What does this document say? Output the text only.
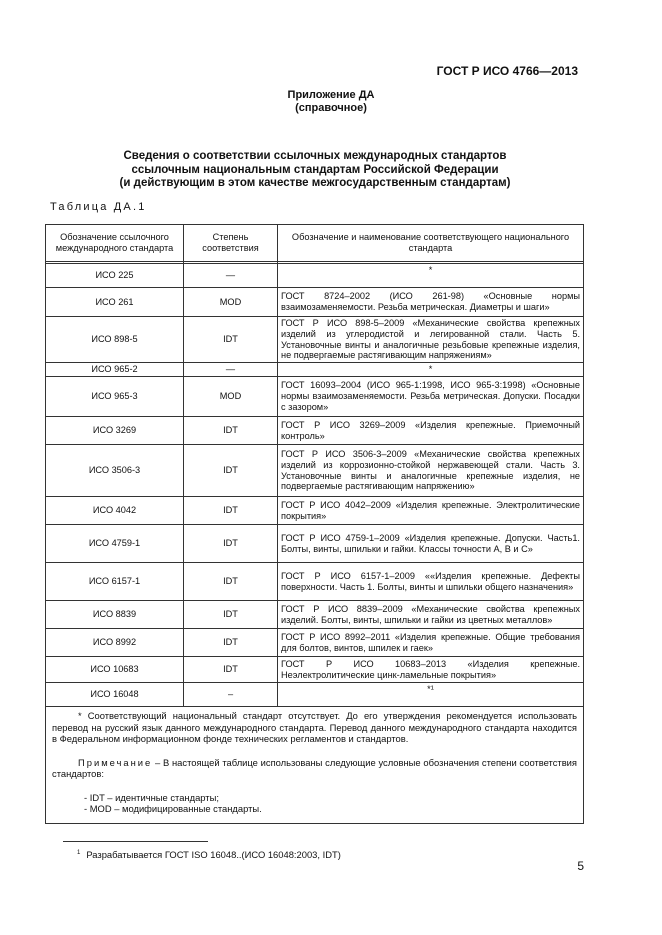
ГОСТ Р ИСО 4766—2013
Приложение ДА
(справочное)
Сведения о соответствии ссылочных международных стандартов
ссылочным национальным стандартам Российской Федерации
(и действующим в этом качестве межгосударственным стандартам)
Таблица ДА.1
Обозначение ссылочного международного стандарта	Степень соответствия	Обозначение и наименование соответствующего национального стандарта

ИСО 225	—	*
ИСО 261	MOD	ГОСТ 8724–2002 (ИСО 261-98) «Основные нормы взаимозаменяемости. Резьба метрическая. Диаметры и шаги»
ИСО 898-5	IDT	ГОСТ Р ИСО 898-5–2009 «Механические свойства крепежных изделий из углеродистой и легированной стали. Часть 5. Установочные винты и аналогичные резьбовые крепежные изделия, не подвергаемые растягивающим напряжениям»
ИСО 965-2	—	*
ИСО 965-3	MOD	ГОСТ 16093–2004 (ИСО 965-1:1998, ИСО 965-3:1998) «Основные нормы взаимозаменяемости. Резьба метрическая. Допуски. Посадки с зазором»
ИСО 3269	IDT	ГОСТ Р ИСО 3269–2009 «Изделия крепежные. Приемочный контроль»
ИСО 3506-3	IDT	ГОСТ Р ИСО 3506-3–2009 «Механические свойства крепежных изделий из коррозионно-стойкой нержавеющей стали. Часть 3. Установочные винты и аналогичные крепежные изделия, не подвергаемые растягивающим напряжению»
ИСО 4042	IDT	ГОСТ Р ИСО 4042–2009 «Изделия крепежные. Электролитические покрытия»
ИСО 4759-1	IDT	ГОСТ Р ИСО 4759-1–2009 «Изделия крепежные. Допуски. Часть1. Болты, винты, шпильки и гайки. Классы точности А, В и С»
ИСО 6157-1	IDT	ГОСТ Р ИСО 6157-1–2009 ««Изделия крепежные. Дефекты поверхности. Часть 1. Болты, винты и шпильки общего назначения»
ИСО 8839	IDT	ГОСТ Р ИСО 8839–2009 «Механические свойства крепежных изделий. Болты, винты, шпильки и гайки из цветных металлов»
ИСО 8992	IDT	ГОСТ Р ИСО 8992–2011 «Изделия крепежные. Общие требования для болтов, винтов, шпилек и гаек»
ИСО 10683	IDT	ГОСТ Р ИСО 10683–2013 «Изделия крепежные. Неэлектролитические цинк-ламельные покрытия»
ИСО 16048	–	*¹

* Соответствующий национальный стандарт отсутствует. До его утверждения рекомендуется использовать перевод на русский язык данного международного стандарта. Перевод данного международного стандарта находится в Федеральном информационном фонде технических регламентов и стандартов.

Примечание – В настоящей таблице использованы следующие условные обозначения степени соответствия стандартов:

- IDT – идентичные стандарты;

- MOD – модифицированные стандарты.		

$^1$ Разрабатывается ГОСТ ISO 16048..(ИСО 16048:2003, IDT)
5
